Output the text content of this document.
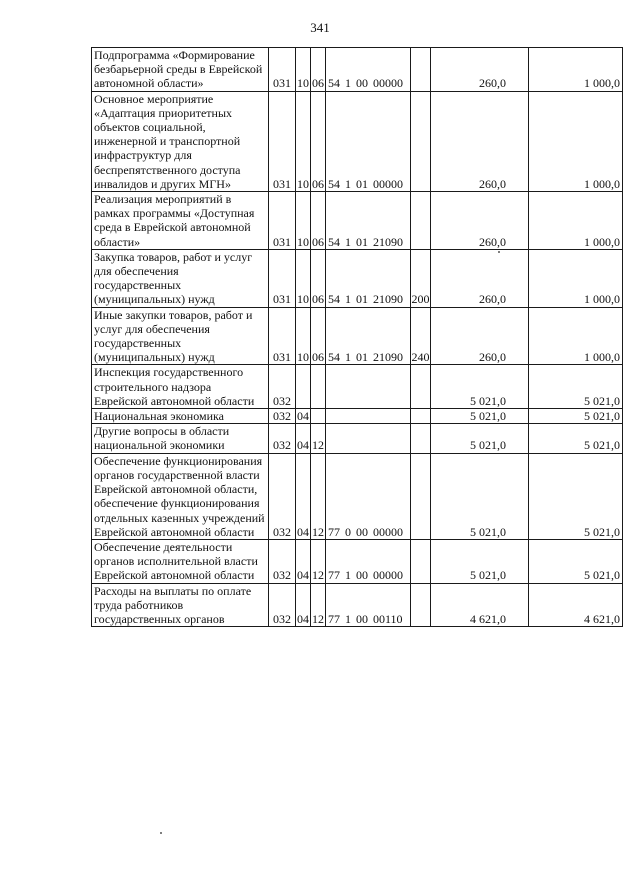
341
Подпрограмма «Формирование безбарьерной среды в Еврейской автономной области»	031	10	06	54 1 00 00000		260,0	1 000,0
Основное мероприятие «Адаптация приоритетных объектов социальной, инженерной и транспортной инфраструктур для беспрепятственного доступа инвалидов и других МГН»	031	10	06	54 1 01 00000		260,0	1 000,0
Реализация мероприятий в рамках программы «Доступная среда в Еврейской автономной области»	031	10	06	54 1 01 21090		260,0	1 000,0
Закупка товаров, работ и услуг для обеспечения государственных (муниципальных) нужд	031	10	06	54 1 01 21090	200	260,0	1 000,0
Иные закупки товаров, работ и услуг для обеспечения государственных (муниципальных) нужд	031	10	06	54 1 01 21090	240	260,0	1 000,0
Инспекция государственного строительного надзора Еврейской автономной области	032					5 021,0	5 021,0
Национальная экономика	032	04				5 021,0	5 021,0
Другие вопросы в области национальной экономики	032	04	12			5 021,0	5 021,0
Обеспечение функционирования органов государственной власти Еврейской автономной области, обеспечение функционирования отдельных казенных учреждений Еврейской автономной области	032	04	12	77 0 00 00000		5 021,0	5 021,0
Обеспечение деятельности органов исполнительной власти Еврейской автономной области	032	04	12	77 1 00 00000		5 021,0	5 021,0
Расходы на выплаты по оплате труда работников государственных органов	032	04	12	77 1 00 00110		4 621,0	4 621,0
